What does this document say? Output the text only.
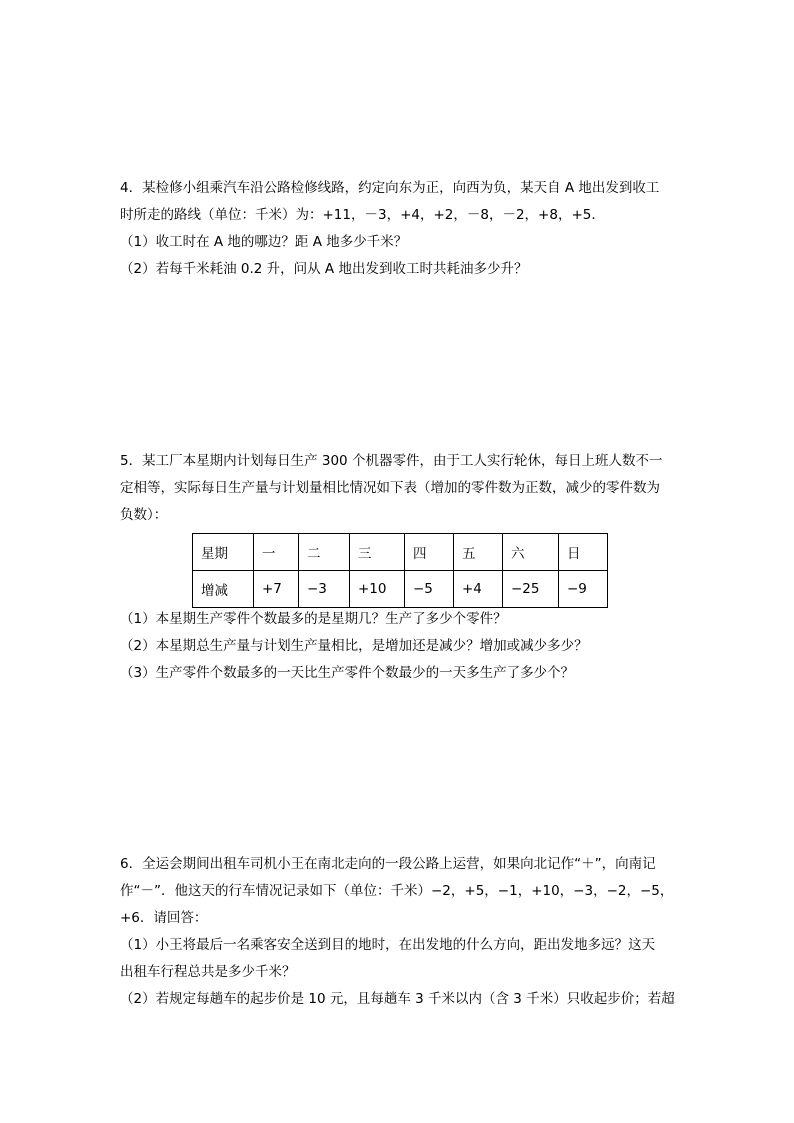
4．某检修小组乘汽车沿公路检修线路，约定向东为正，向西为负，某天自 A 地出发到收工
时所走的路线（单位：千米）为：+11，－3，+4，+2，－8，－2，+8，+5．
（1）收工时在 A 地的哪边？距 A 地多少千米？
（2）若每千米耗油 0.2 升，问从 A 地出发到收工时共耗油多少升？
5．某工厂本星期内计划每日生产 300 个机器零件，由于工人实行轮休，每日上班人数不一
定相等，实际每日生产量与计划量相比情况如下表（增加的零件数为正数，减少的零件数为
负数）：
星期	一	二	三	四	五	六	日
增减	+7	−3	+10	−5	+4	−25	−9
（1）本星期生产零件个数最多的是星期几？生产了多少个零件？
（2）本星期总生产量与计划生产量相比，是增加还是减少？增加或减少多少？
（3）生产零件个数最多的一天比生产零件个数最少的一天多生产了多少个？
6．全运会期间出租车司机小王在南北走向的一段公路上运营，如果向北记作“＋”，向南记
作“－”．他这天的行车情况记录如下（单位：千米）−2，+5，−1，+10，−3，−2，−5，
+6．请回答：
（1）小王将最后一名乘客安全送到目的地时，在出发地的什么方向，距出发地多远？这天
出租车行程总共是多少千米？
（2）若规定每趟车的起步价是 10 元，且每趟车 3 千米以内（含 3 千米）只收起步价；若超
